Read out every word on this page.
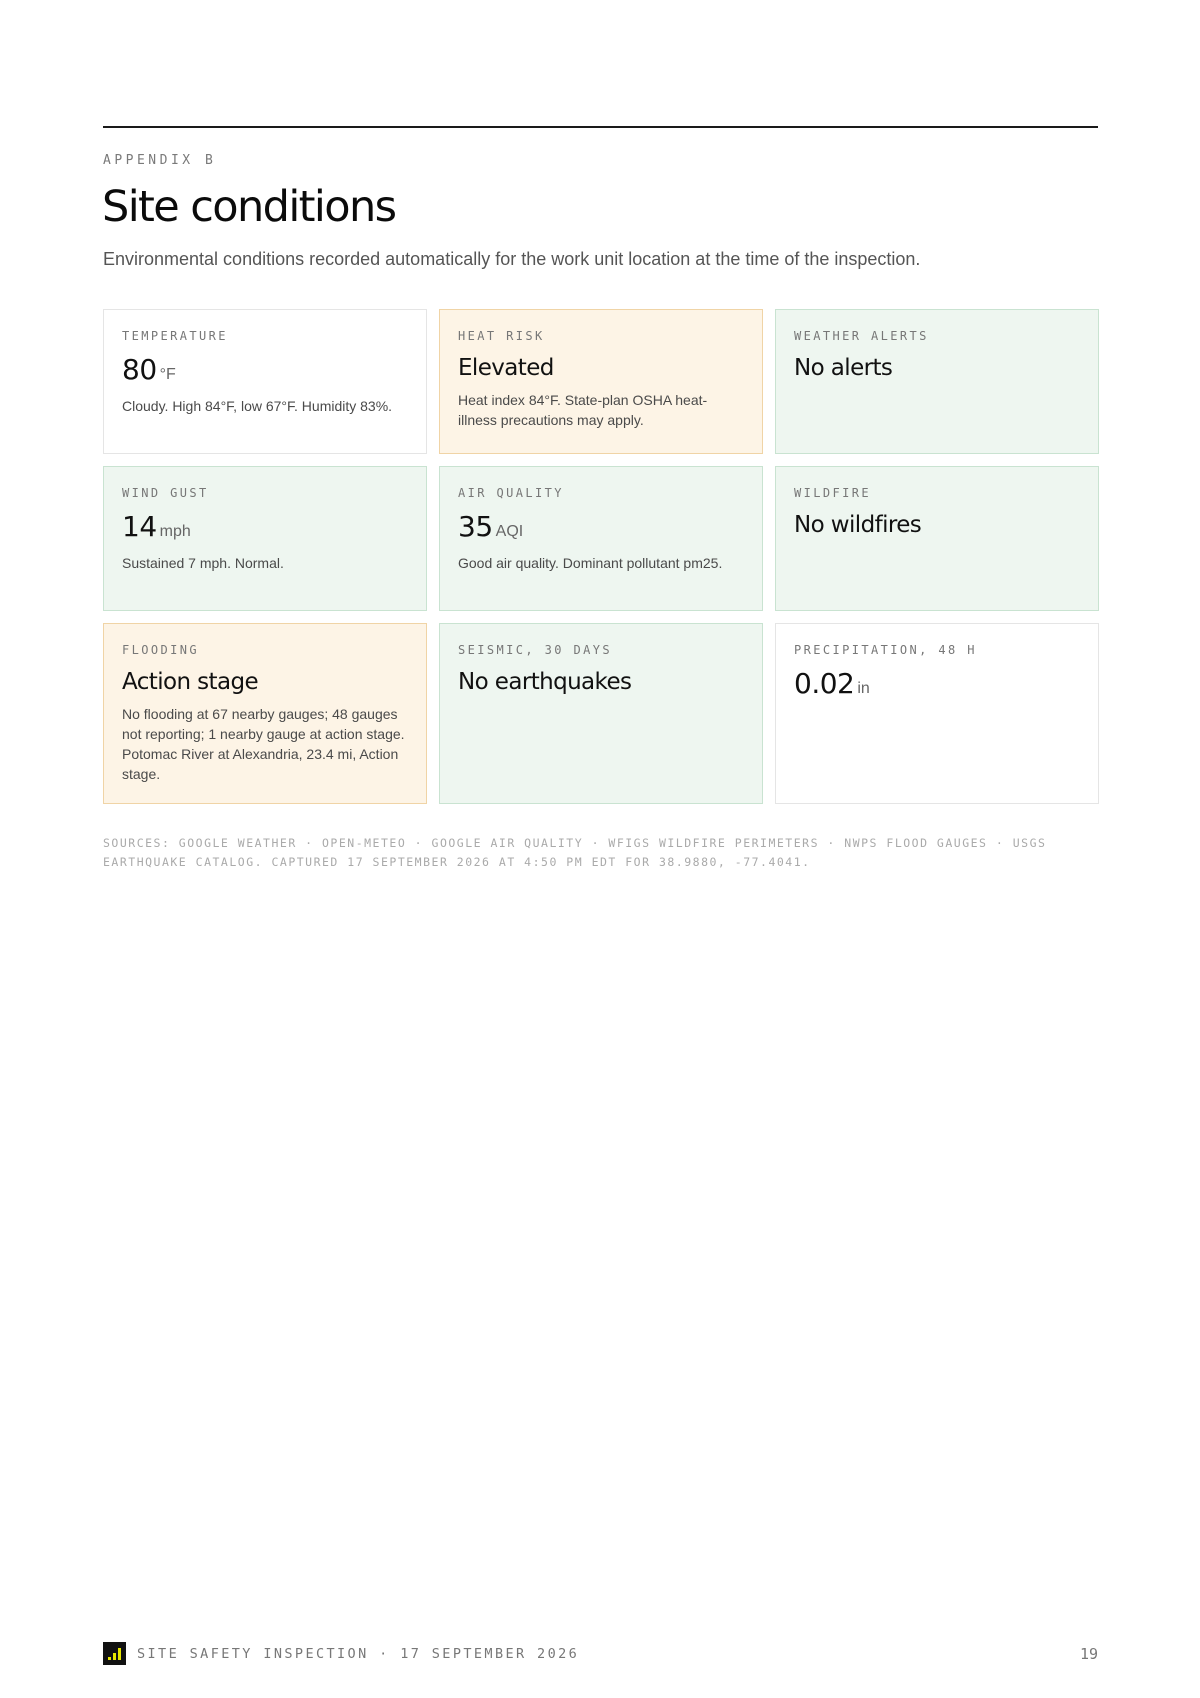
APPENDIX B
Site conditions

Environmental conditions recorded automatically for the work unit location at the time of the inspection.

TEMPERATURE
80 °F
Cloudy. High 84°F, low 67°F. Humidity 83%.
HEAT RISK
Elevated
Heat index 84°F. State-plan OSHA heat-illness precautions may apply.
WEATHER ALERTS
No alerts
WIND GUST
14 mph
Sustained 7 mph. Normal.
AIR QUALITY
35 AQI
Good air quality. Dominant pollutant pm25.
WILDFIRE
No wildfires
FLOODING
Action stage
No flooding at 67 nearby gauges; 48 gauges not reporting; 1 nearby gauge at action stage. Potomac River at Alexandria, 23.4 mi, Action stage.
SEISMIC, 30 DAYS
No earthquakes
PRECIPITATION, 48 H
0.02 in

SOURCES: GOOGLE WEATHER · OPEN-METEO · GOOGLE AIR QUALITY · WFIGS WILDFIRE PERIMETERS · NWPS FLOOD GAUGES · USGS EARTHQUAKE CATALOG. CAPTURED 17 SEPTEMBER 2026 AT 4:50 PM EDT FOR 38.9880, -77.4041.

SITE SAFETY INSPECTION · 17 SEPTEMBER 2026	19
